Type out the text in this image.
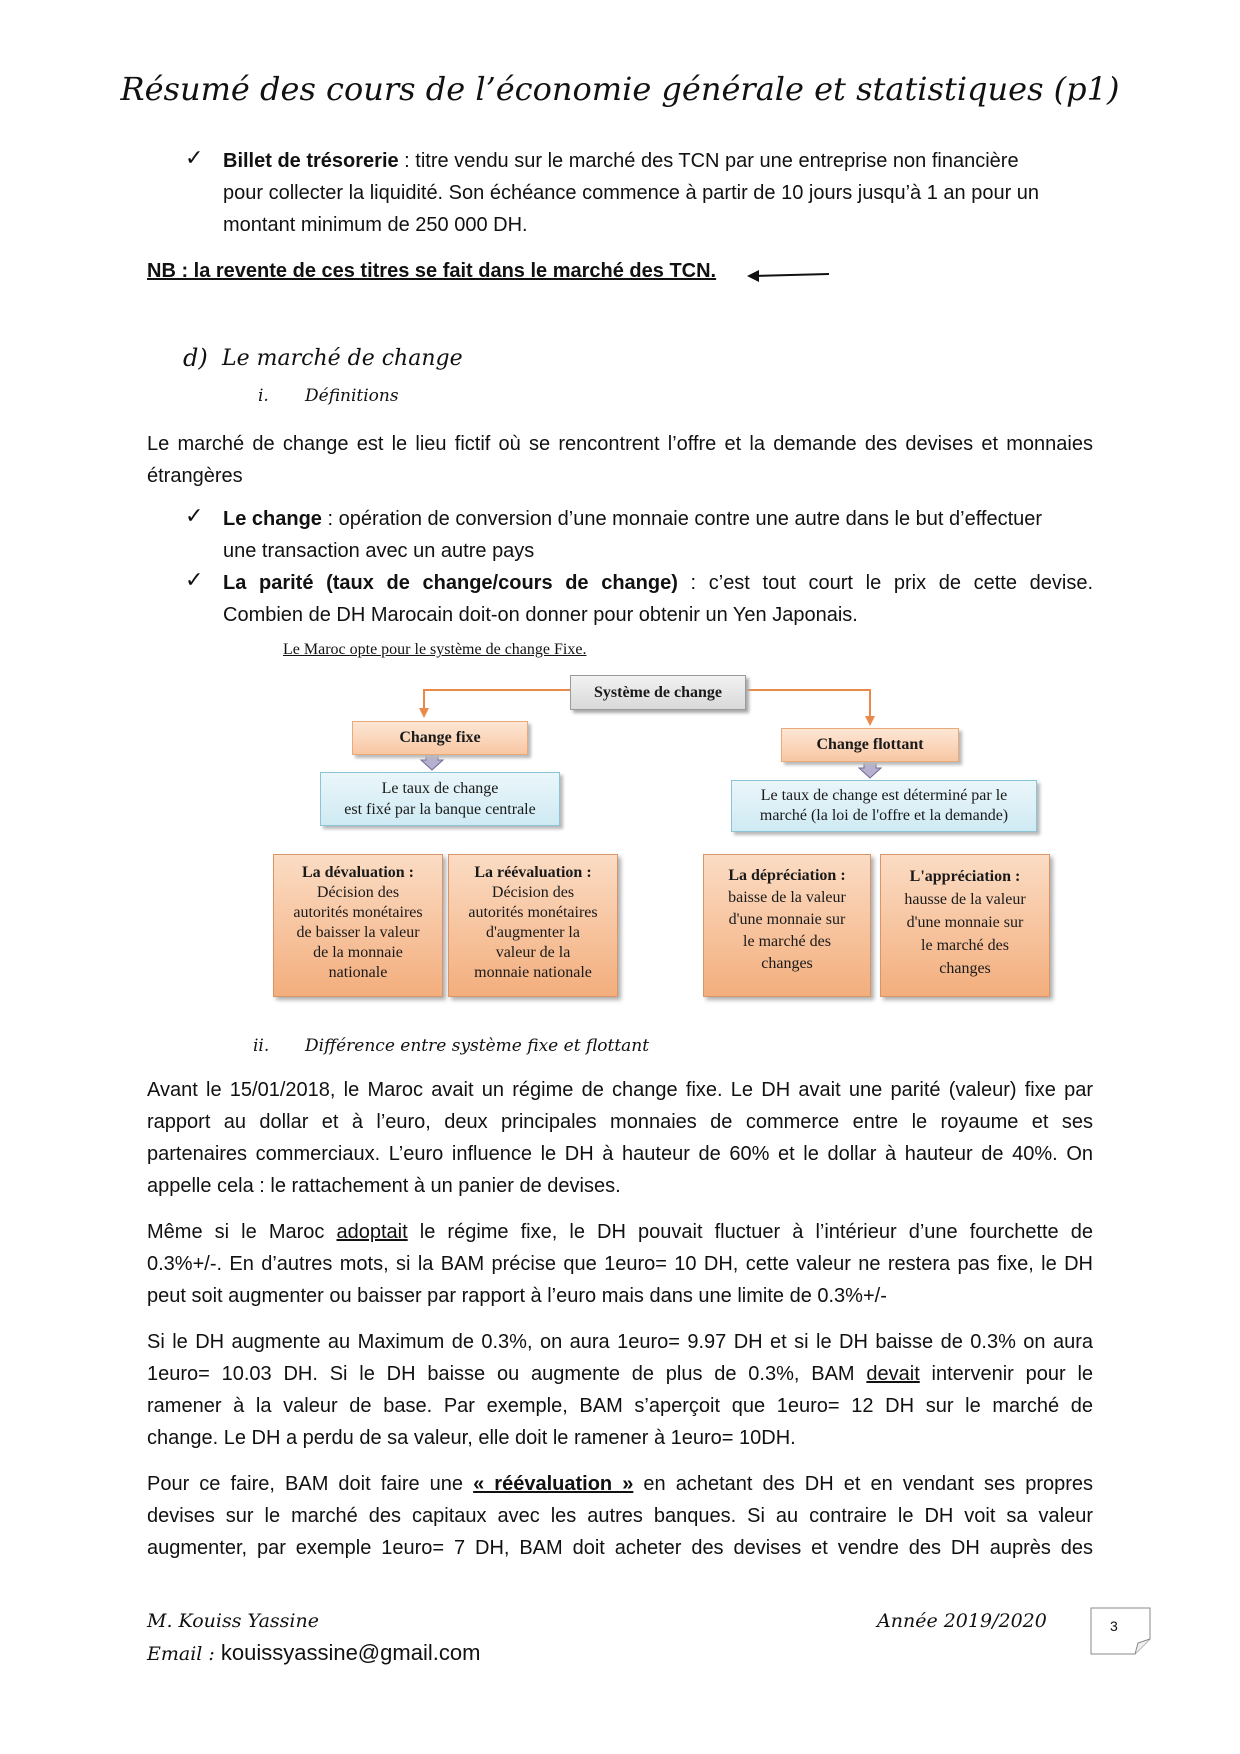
Résumé des cours de l’économie générale et statistiques (p1)
✓ Billet de trésorerie : titre vendu sur le marché des TCN par une entreprise non financière
pour collecter la liquidité. Son échéance commence à partir de 10 jours jusqu’à 1 an pour un
montant minimum de 250 000 DH.
NB : la revente de ces titres se fait dans le marché des TCN.
d) Le marché de change
i. Définitions
Le marché de change est le lieu fictif où se rencontrent l’offre et la demande des devises et monnaies
étrangères
✓ Le change : opération de conversion d’une monnaie contre une autre dans le but d’effectuer
une transaction avec un autre pays
✓ La parité (taux de change/cours de change) : c’est tout court le prix de cette devise.
Combien de DH Marocain doit-on donner pour obtenir un Yen Japonais.
Le Maroc opte pour le système de change Fixe.
Système de change
Change fixe	Change flottant
Le taux de change
est fixé par la banque centrale
Le taux de change est déterminé par le
marché (la loi de l'offre et la demande)
La dévaluation :
Décision des
autorités monétaires
de baisser la valeur
de la monnaie
nationale
La réévaluation :
Décision des
autorités monétaires
d'augmenter la
valeur de la
monnaie nationale
La dépréciation :
baisse de la valeur
d'une monnaie sur
le marché des
changes
L'appréciation :
hausse de la valeur
d'une monnaie sur
le marché des
changes
ii. Différence entre système fixe et flottant
Avant le 15/01/2018, le Maroc avait un régime de change fixe. Le DH avait une parité (valeur) fixe par
rapport au dollar et à l’euro, deux principales monnaies de commerce entre le royaume et ses
partenaires commerciaux. L’euro influence le DH à hauteur de 60% et le dollar à hauteur de 40%. On
appelle cela : le rattachement à un panier de devises.
Même si le Maroc adoptait le régime fixe, le DH pouvait fluctuer à l’intérieur d’une fourchette de
0.3%+/-. En d’autres mots, si la BAM précise que 1euro= 10 DH, cette valeur ne restera pas fixe, le DH
peut soit augmenter ou baisser par rapport à l’euro mais dans une limite de 0.3%+/-
Si le DH augmente au Maximum de 0.3%, on aura 1euro= 9.97 DH et si le DH baisse de 0.3% on aura
1euro= 10.03 DH. Si le DH baisse ou augmente de plus de 0.3%, BAM devait intervenir pour le
ramener à la valeur de base. Par exemple, BAM s’aperçoit que 1euro= 12 DH sur le marché de
change. Le DH a perdu de sa valeur, elle doit le ramener à 1euro= 10DH.
Pour ce faire, BAM doit faire une « réévaluation » en achetant des DH et en vendant ses propres
devises sur le marché des capitaux avec les autres banques. Si au contraire le DH voit sa valeur
augmenter, par exemple 1euro= 7 DH, BAM doit acheter des devises et vendre des DH auprès des
M. Kouiss Yassine	Année 2019/2020
Email : kouissyassine@gmail.com
3
